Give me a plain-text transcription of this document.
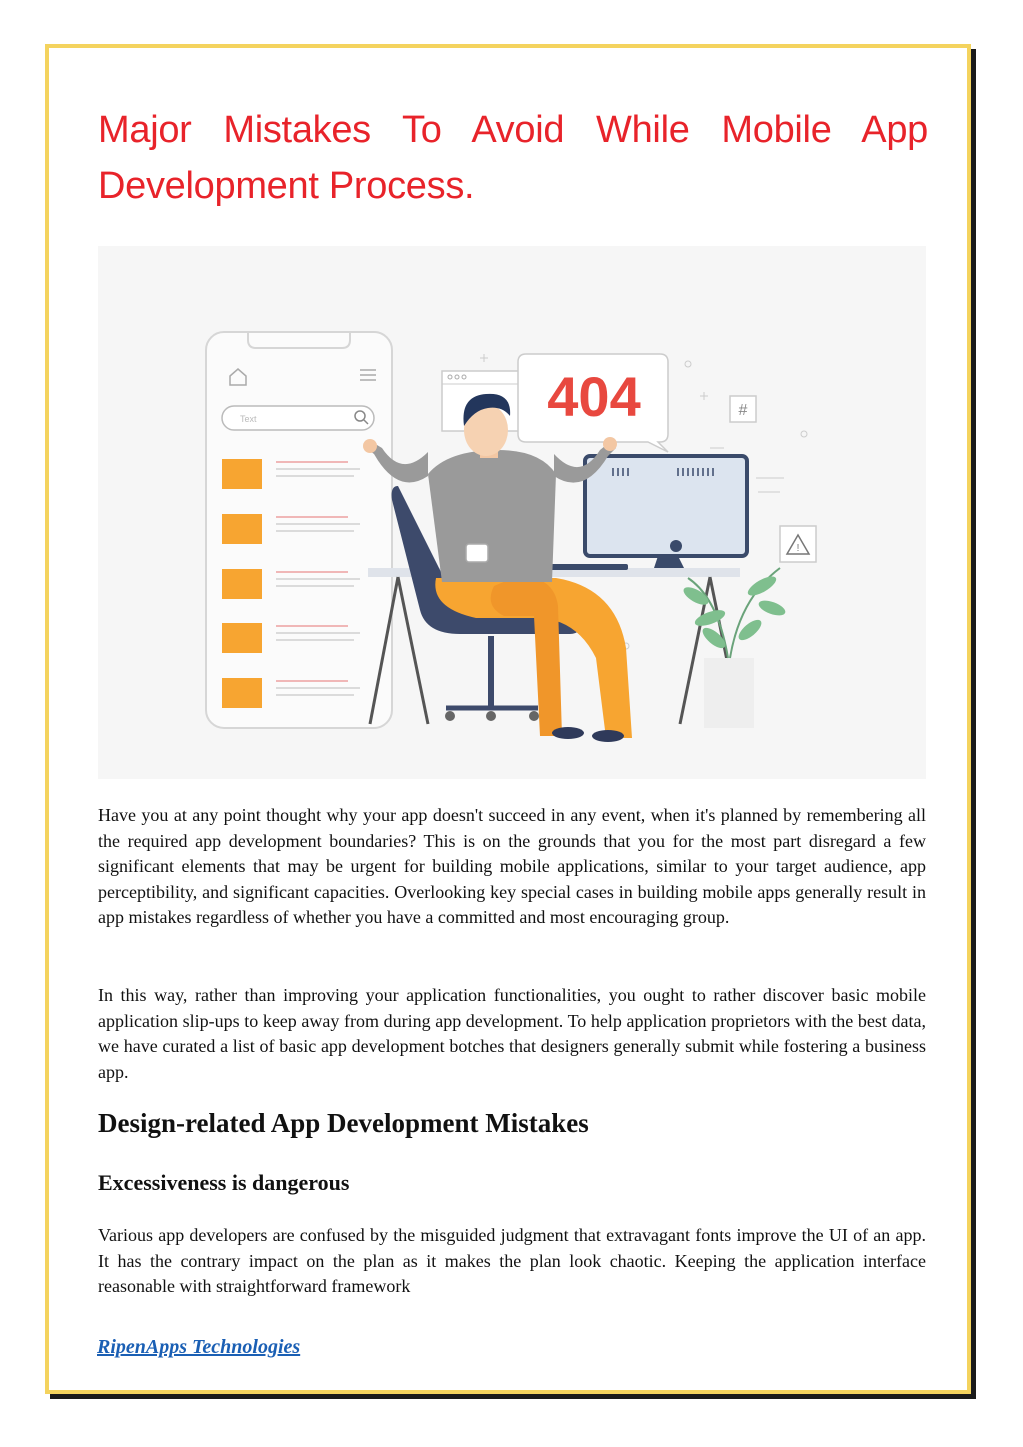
Major Mistakes To Avoid While Mobile App Development Process.
Text	404	#
!

Have you at any point thought why your app doesn't succeed in any event, when it's planned by remembering all the required app development boundaries? This is on the grounds that you for the most part disregard a few significant elements that may be urgent for building mobile applications, similar to your target audience, app perceptibility, and significant capacities. Overlooking key special cases in building mobile apps generally result in app mistakes regardless of whether you have a committed and most encouraging group.

In this way, rather than improving your application functionalities, you ought to rather discover basic mobile application slip-ups to keep away from during app development. To help application proprietors with the best data, we have curated a list of basic app development botches that designers generally submit while fostering a business app.

Design-related App Development Mistakes
Excessiveness is dangerous

Various app developers are confused by the misguided judgment that extravagant fonts improve the UI of an app. It has the contrary impact on the plan as it makes the plan look chaotic. Keeping the application interface reasonable with straightforward framework

RipenApps Technologies
